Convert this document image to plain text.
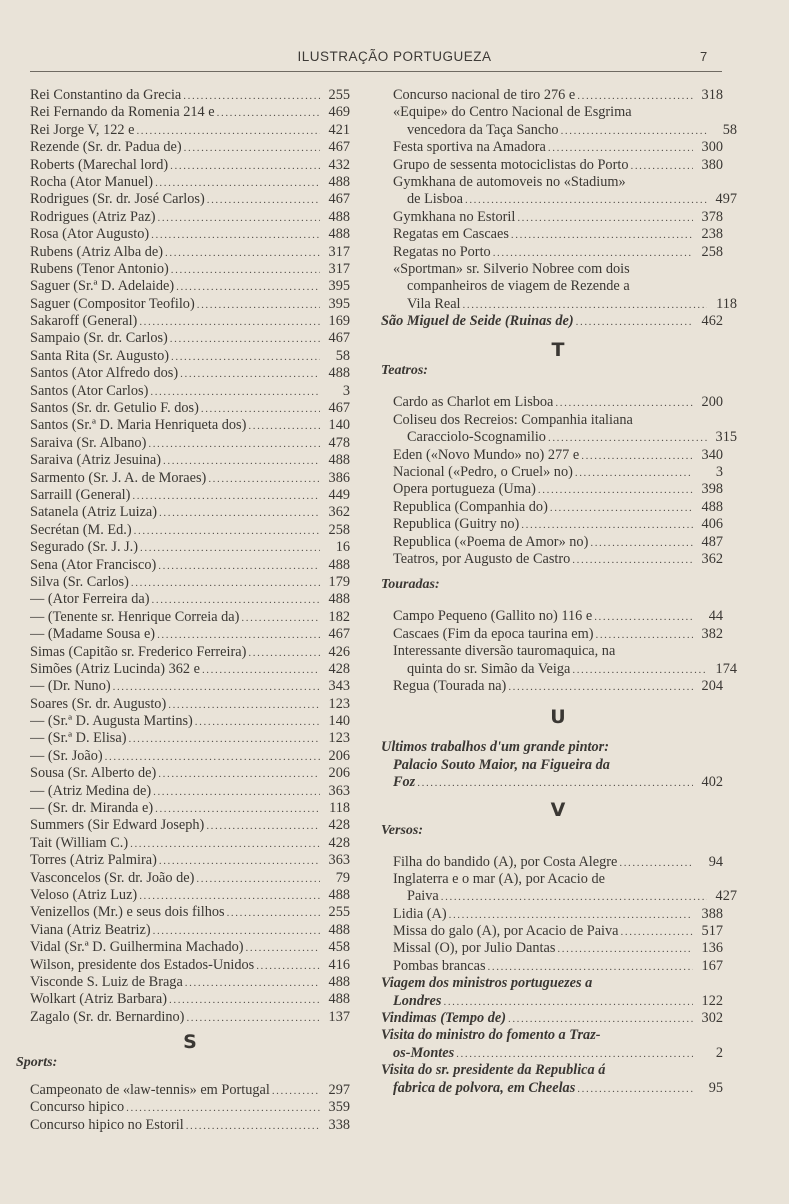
ILUSTRAÇÃO PORTUGUEZA	7
Rei Constantino da Grecia .....	255
Rei Fernando da Romenia 214 e .....	469
Rei Jorge V, 122 e .....	421
Rezende (Sr. dr. Padua de) .....	467
Roberts (Marechal lord) .....	432
Rocha (Ator Manuel) .....	488
Rodrigues (Sr. dr. José Carlos) .....	467
Rodrigues (Atriz Paz) .....	488
Rosa (Ator Augusto) .....	488
Rubens (Atriz Alba de) .....	317
Rubens (Tenor Antonio) .....	317
Saguer (Sr.ª D. Adelaide) .....	395
Saguer (Compositor Teofilo) .....	395
Sakaroff (General) .....	169
Sampaio (Sr. dr. Carlos) .....	467
Santa Rita (Sr. Augusto) .....	58
Santos (Ator Alfredo dos) .....	488
Santos (Ator Carlos) .....	3
Santos (Sr. dr. Getulio F. dos) .....	467
Santos (Sr.ª D. Maria Henriqueta dos) .....	140
Saraiva (Sr. Albano) .....	478
Saraiva (Atriz Jesuina) .....	488
Sarmento (Sr. J. A. de Moraes) .....	386
Sarraill (General) .....	449
Satanela (Atriz Luiza) .....	362
Secrétan (M. Ed.) .....	258
Segurado (Sr. J. J.) .....	16
Sena (Ator Francisco) .....	488
Silva (Sr. Carlos) .....	179
— (Ator Ferreira da) .....	488
— (Tenente sr. Henrique Correia da) .....	182
— (Madame Sousa e) .....	467
Simas (Capitão sr. Frederico Ferreira) .....	426
Simões (Atriz Lucinda) 362 e .....	428
— (Dr. Nuno) .....	343
Soares (Sr. dr. Augusto) .....	123
— (Sr.ª D. Augusta Martins) .....	140
— (Sr.ª D. Elisa) .....	123
— (Sr. João) .....	206
Sousa (Sr. Alberto de) .....	206
— (Atriz Medina de) .....	363
— (Sr. dr. Miranda e) .....	118
Summers (Sir Edward Joseph) .....	428
Tait (William C.) .....	428
Torres (Atriz Palmira) .....	363
Vasconcelos (Sr. dr. João de) .....	79
Veloso (Atriz Luz) .....	488
Venizellos (Mr.) e seus dois filhos .....	255
Viana (Atriz Beatriz) .....	488
Vidal (Sr.ª D. Guilhermina Machado) .....	458
Wilson, presidente dos Estados-Unidos .....	416
Visconde S. Luiz de Braga .....	488
Wolkart (Atriz Barbara) .....	488
Zagalo (Sr. dr. Bernardino) .....	137
S
Sports:
Campeonato de «law-tennis» em Portugal .....	297
Concurso hipico .....	359
Concurso hipico no Estoril .....	338
Concurso nacional de tiro 276 e .....	318
«Equipe» do Centro Nacional de Esgrima
vencedora da Taça Sancho .....	58
Festa sportiva na Amadora .....	300
Grupo de sessenta motociclistas do Porto .....	380
Gymkhana de automoveis no «Stadium»
de Lisboa .....	497
Gymkhana no Estoril .....	378
Regatas em Cascaes .....	238
Regatas no Porto .....	258
«Sportman» sr. Silverio Nobree com dois
companheiros de viagem de Rezende a
Vila Real .....	118
São Miguel de Seide (Ruinas de) .....	462
T
Teatros:
Cardo as Charlot em Lisboa .....	200
Coliseu dos Recreios: Companhia italiana
Caracciolo-Scognamilio .....	315
Eden («Novo Mundo» no) 277 e .....	340
Nacional («Pedro, o Cruel» no) .....	3
Opera portugueza (Uma) .....	398
Republica (Companhia do) .....	488
Republica (Guitry no) .....	406
Republica («Poema de Amor» no) .....	487
Teatros, por Augusto de Castro .....	362
Touradas:
Campo Pequeno (Gallito no) 116 e .....	44
Cascaes (Fim da epoca taurina em) .....	382
Interessante diversão tauromaquica, na
quinta do sr. Simão da Veiga .....	174
Regua (Tourada na) .....	204
U
Ultimos trabalhos d'um grande pintor:
Palacio Souto Maior, na Figueira da
Foz .....	402
V
Versos:
Filha do bandido (A), por Costa Alegre .....	94
Inglaterra e o mar (A), por Acacio de
Paiva .....	427
Lidia (A) .....	388
Missa do galo (A), por Acacio de Paiva .....	517
Missal (O), por Julio Dantas .....	136
Pombas brancas .....	167
Viagem dos ministros portuguezes a
Londres .....	122
Vindimas (Tempo de) .....	302
Visita do ministro do fomento a Traz-
os-Montes .....	2
Visita do sr. presidente da Republica á
fabrica de polvora, em Cheelas .....	95
